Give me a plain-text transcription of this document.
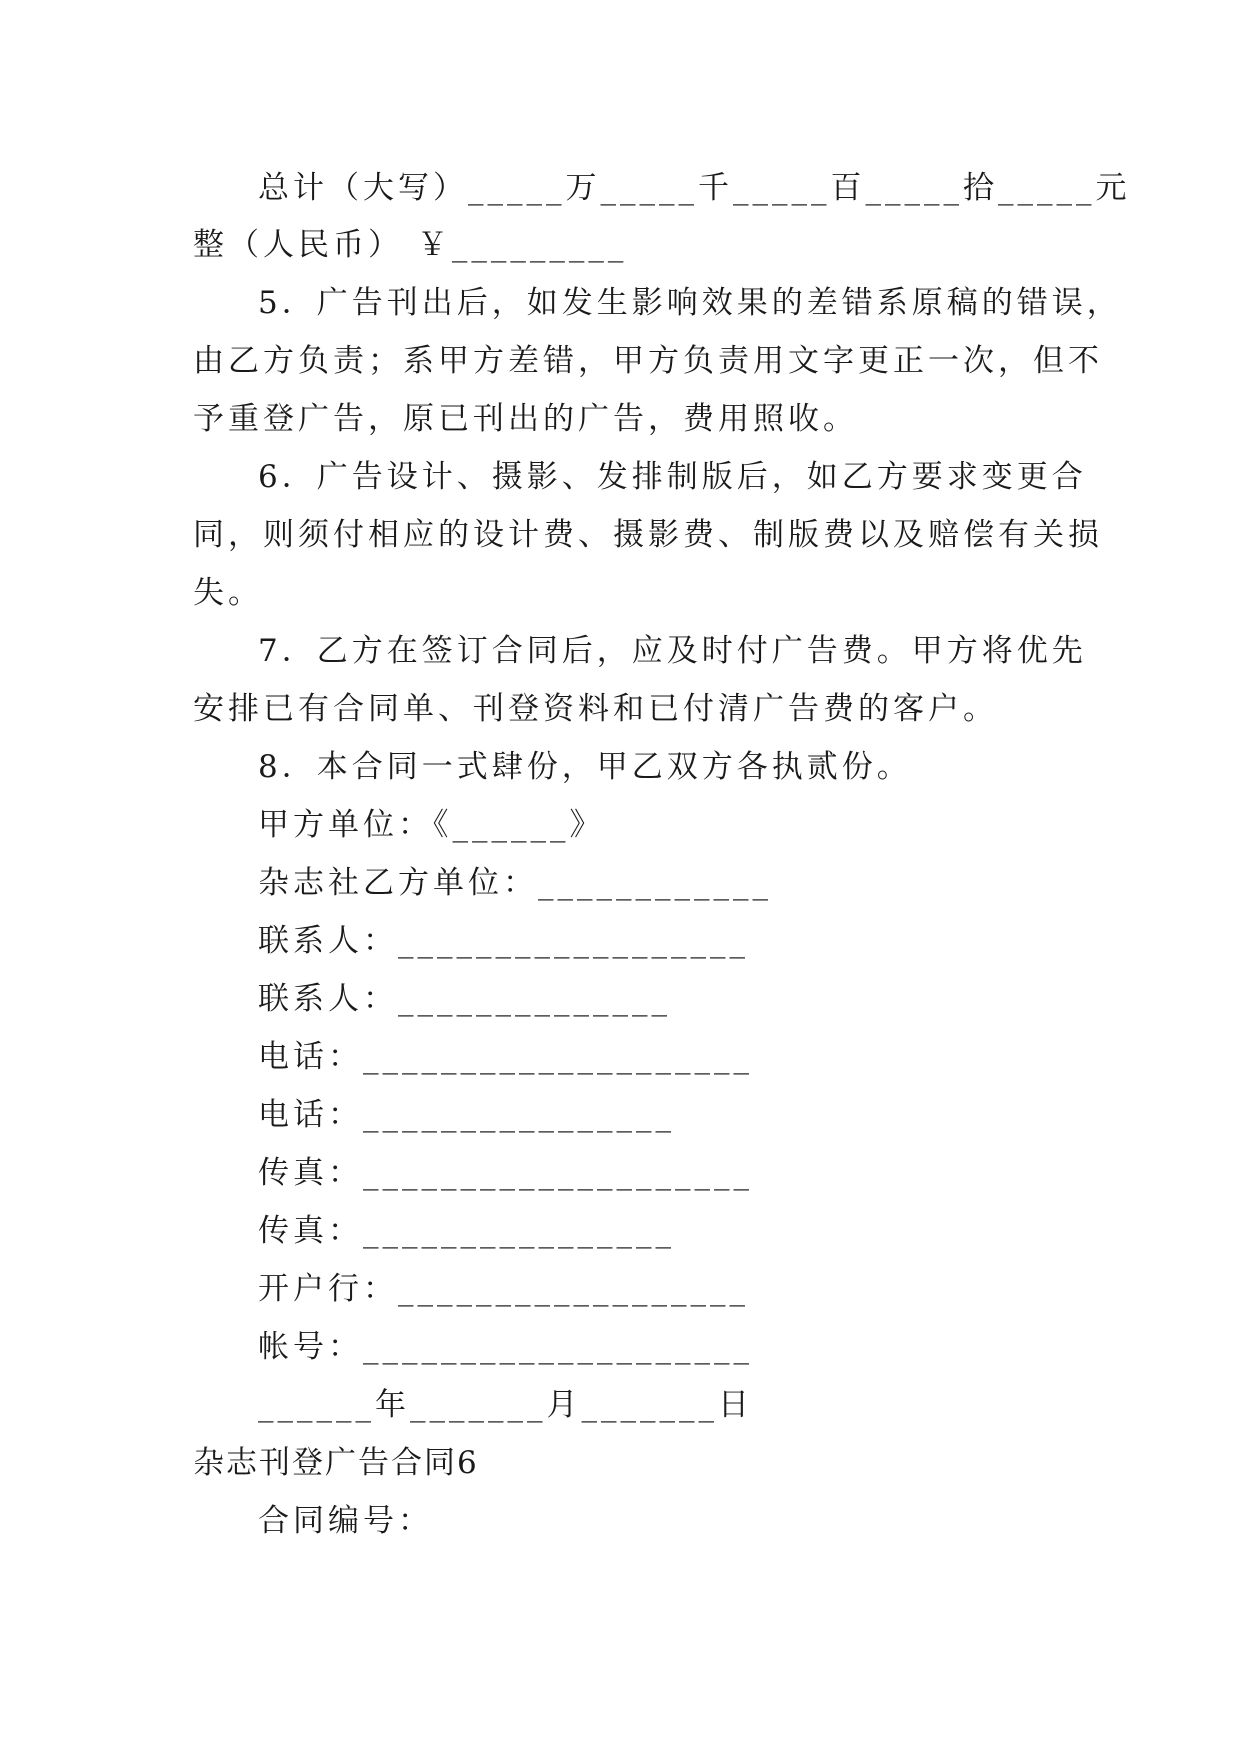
总计（大写） _____万 _____千 _____百 _____拾 _____元
整（人民币） ￥_________
5．广告刊出后，如发生影响效果的差错系原稿的错误，
由乙方负责；系甲方差错，甲方负责用文字更正一次，但不
予重登广告，原已刊出的广告，费用照收。
6．广告设计、摄影、发排制版后，如乙方要求变更合
同，则须付相应的设计费、摄影费、制版费以及赔偿有关损
失。
7．乙方在签订合同后，应及时付广告费。甲方将优先
安排已有合同单、刊登资料和已付清广告费的客户。
8．本合同一式肆份，甲乙双方各执贰份。
甲方单位：《______》
杂志社乙方单位：____________
联系人：__________________
联系人：______________
电话：____________________
电话：________________
传真：____________________
传真：________________
开户行：__________________
帐号：____________________
______年_______月_______日
杂志刊登广告合同6
合同编号：
